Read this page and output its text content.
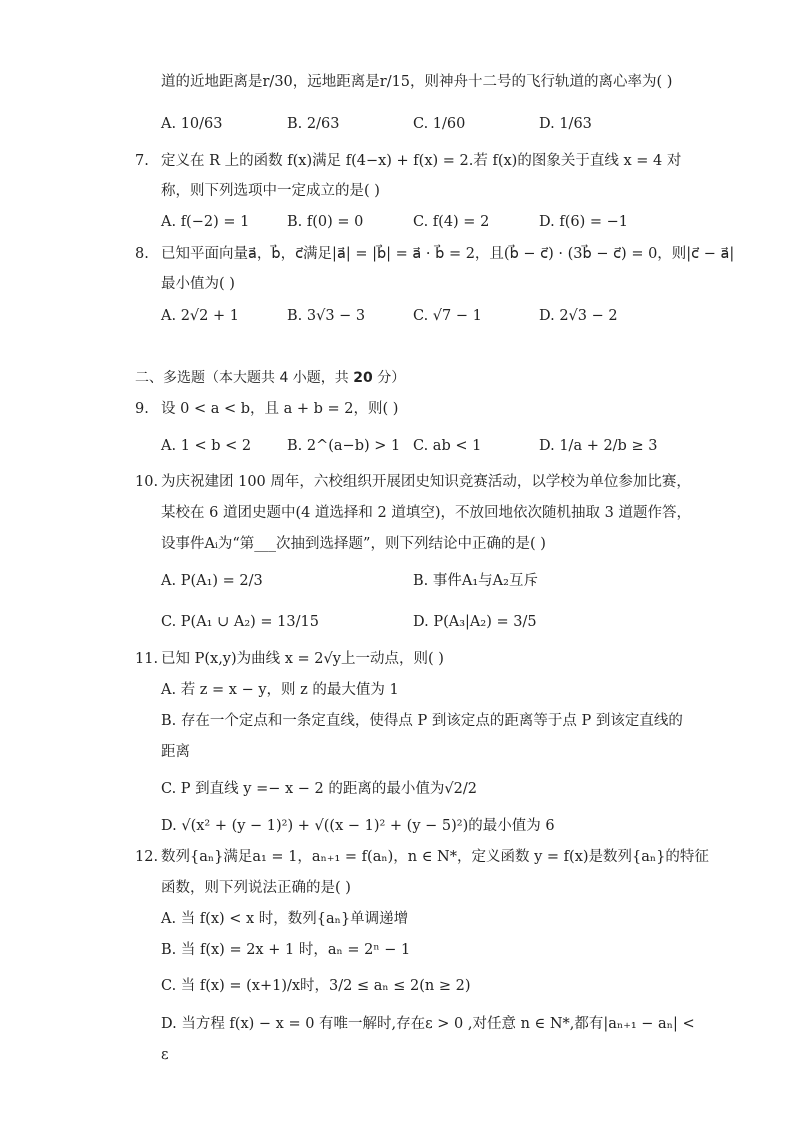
道的近地距离是r/30，远地距离是r/15，则神舟十二号的飞行轨道的离心率为( )
A. 10/63	B. 2/63	C. 1/60	D. 1/63
7. 定义在 R 上的函数 f(x)满足 f(4−x) + f(x) = 2.若 f(x)的图象关于直线 x = 4 对
称，则下列选项中一定成立的是( )
A. f(−2) = 1	B. f(0) = 0	C. f(4) = 2	D. f(6) = −1
8. 已知平面向量a⃗，b⃗，c⃗满足|a⃗| = |b⃗| = a⃗ · b⃗ = 2，且(b⃗ − c⃗) · (3b⃗ − c⃗) = 0，则|c⃗ − a⃗|
最小值为( )
A. 2√2 + 1	B. 3√3 − 3	C. √7 − 1	D. 2√3 − 2
二、多选题（本大题共 4 小题，共 20 分）
9. 设 0 < a < b，且 a + b = 2，则( )
A. 1 < b < 2 B. 2^(a−b) > 1 C. ab < 1	D. 1/a + 2/b ≥ 3
10. 为庆祝建团 100 周年，六校组织开展团史知识竞赛活动，以学校为单位参加比赛，
某校在 6 道团史题中(4 道选择和 2 道填空)，不放回地依次随机抽取 3 道题作答，
设事件Aᵢ为“第___次抽到选择题”，则下列结论中正确的是( )
A. P(A₁) = 2/3	B. 事件A₁与A₂互斥
C. P(A₁ ∪ A₂) = 13/15	D. P(A₃|A₂) = 3/5
11. 已知 P(x,y)为曲线 x = 2√y上一动点，则( )
A. 若 z = x − y，则 z 的最大值为 1
B. 存在一个定点和一条定直线，使得点 P 到该定点的距离等于点 P 到该定直线的
距离
C. P 到直线 y =− x − 2 的距离的最小值为√2/2
D. √(x² + (y − 1)²) + √((x − 1)² + (y − 5)²)的最小值为 6
12. 数列{aₙ}满足a₁ = 1，aₙ₊₁ = f(aₙ)，n ∈ N*，定义函数 y = f(x)是数列{aₙ}的特征
函数，则下列说法正确的是( )
A. 当 f(x) < x 时，数列{aₙ}单调递增
B. 当 f(x) = 2x + 1 时，aₙ = 2ⁿ − 1
C. 当 f(x) = (x+1)/x时，3/2 ≤ aₙ ≤ 2(n ≥ 2)
D. 当方程 f(x) − x = 0 有唯一解时,存在ε > 0 ,对任意 n ∈ N*,都有|aₙ₊₁ − aₙ| <
ε
